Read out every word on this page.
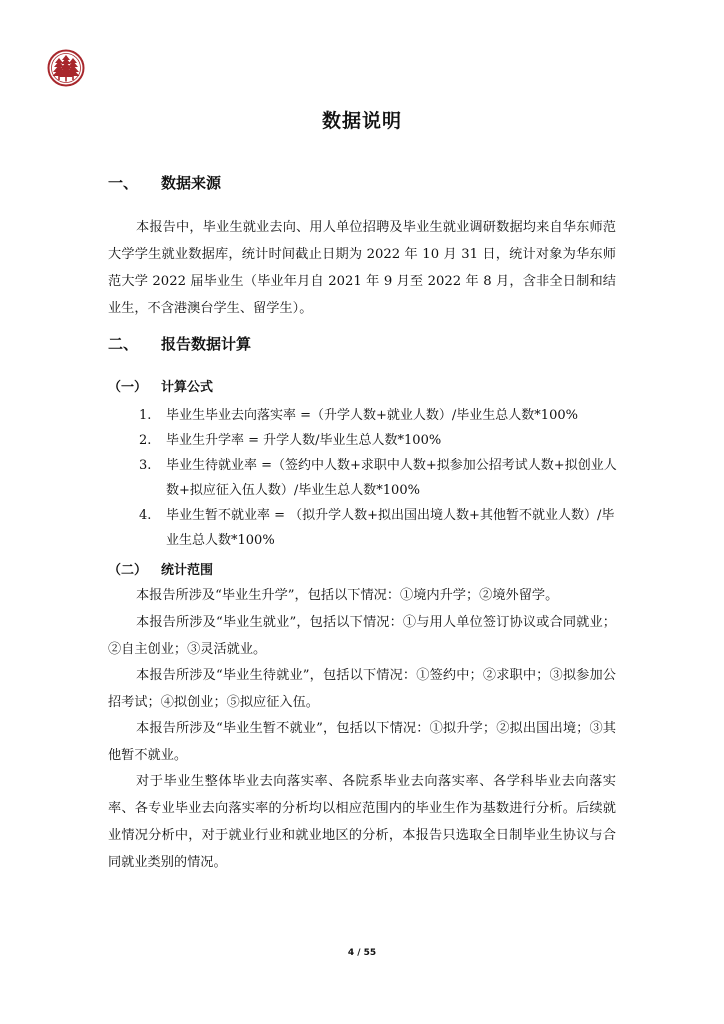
数据说明
一、 数据来源

本报告中，毕业生就业去向、用人单位招聘及毕业生就业调研数据均来自华东师范大学学生就业数据库，统计时间截止日期为 2022 年 10 月 31 日，统计对象为华东师范大学 2022 届毕业生（毕业年月自 2021 年 9 月至 2022 年 8 月，含非全日制和结业生，不含港澳台学生、留学生）。

二、 报告数据计算
（一） 计算公式
1. 毕业生毕业去向落实率 =（升学人数+就业人数）/毕业生总人数*100%
2. 毕业生升学率 = 升学人数/毕业生总人数*100%
3. 毕业生待就业率 =（签约中人数+求职中人数+拟参加公招考试人数+拟创业人数+拟应征入伍人数）/毕业生总人数*100%
4. 毕业生暂不就业率 = （拟升学人数+拟出国出境人数+其他暂不就业人数）/毕业生总人数*100%
（二） 统计范围

本报告所涉及“毕业生升学”，包括以下情况：①境内升学；②境外留学。

本报告所涉及“毕业生就业”，包括以下情况：①与用人单位签订协议或合同就业；②自主创业；③灵活就业。

本报告所涉及“毕业生待就业”，包括以下情况：①签约中；②求职中；③拟参加公招考试；④拟创业；⑤拟应征入伍。

本报告所涉及“毕业生暂不就业”，包括以下情况：①拟升学；②拟出国出境；③其他暂不就业。

对于毕业生整体毕业去向落实率、各院系毕业去向落实率、各学科毕业去向落实率、各专业毕业去向落实率的分析均以相应范围内的毕业生作为基数进行分析。后续就业情况分析中，对于就业行业和就业地区的分析，本报告只选取全日制毕业生协议与合同就业类别的情况。

4 / 55
